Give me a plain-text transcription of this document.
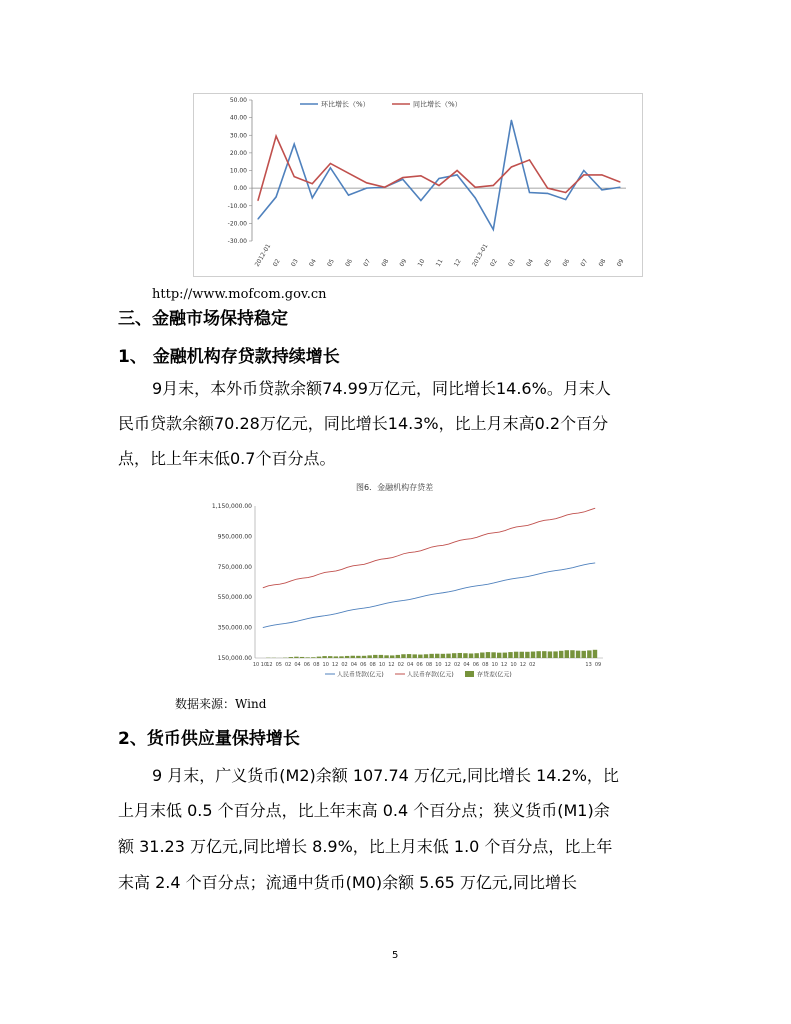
50.00
40.00
30.00
20.00
10.00
0.00
-10.00
-20.00
-30.00
2012-01 02 03 04 05 06 07 08 09 10 11 12 2013-01 02 03 04 05 06 07 08 09
环比增长（%）	同比增长（%）
http://www.mofcom.gov.cn
三、金融市场保持稳定
1、 金融机构存贷款持续增长
9月末，本外币贷款余额74.99万亿元，同比增长14.6%。月末人
民币贷款余额70.28万亿元，同比增长14.3%，比上月末高0.2个百分
点，比上年末低0.7个百分点。
图6．金融机构存贷差
1,150,000.00
950,000.00
750,000.00
550,000.00
350,000.00
150,000.00
10 10 12 05 02 04 06 08 10 12 02 04 06 08 10 12 02 04 06 08 10 12 02 04 06 08 10 12 10 12 02	13 09
人民币贷款(亿元)	人民币存款(亿元)	存贷差(亿元)
数据来源：Wind
2、货币供应量保持增长
9 月末，广义货币(M2)余额 107.74 万亿元,同比增长 14.2%，比
上月末低 0.5 个百分点，比上年末高 0.4 个百分点；狭义货币(M1)余
额 31.23 万亿元,同比增长 8.9%，比上月末低 1.0 个百分点，比上年
末高 2.4 个百分点；流通中货币(M0)余额 5.65 万亿元,同比增长
5
